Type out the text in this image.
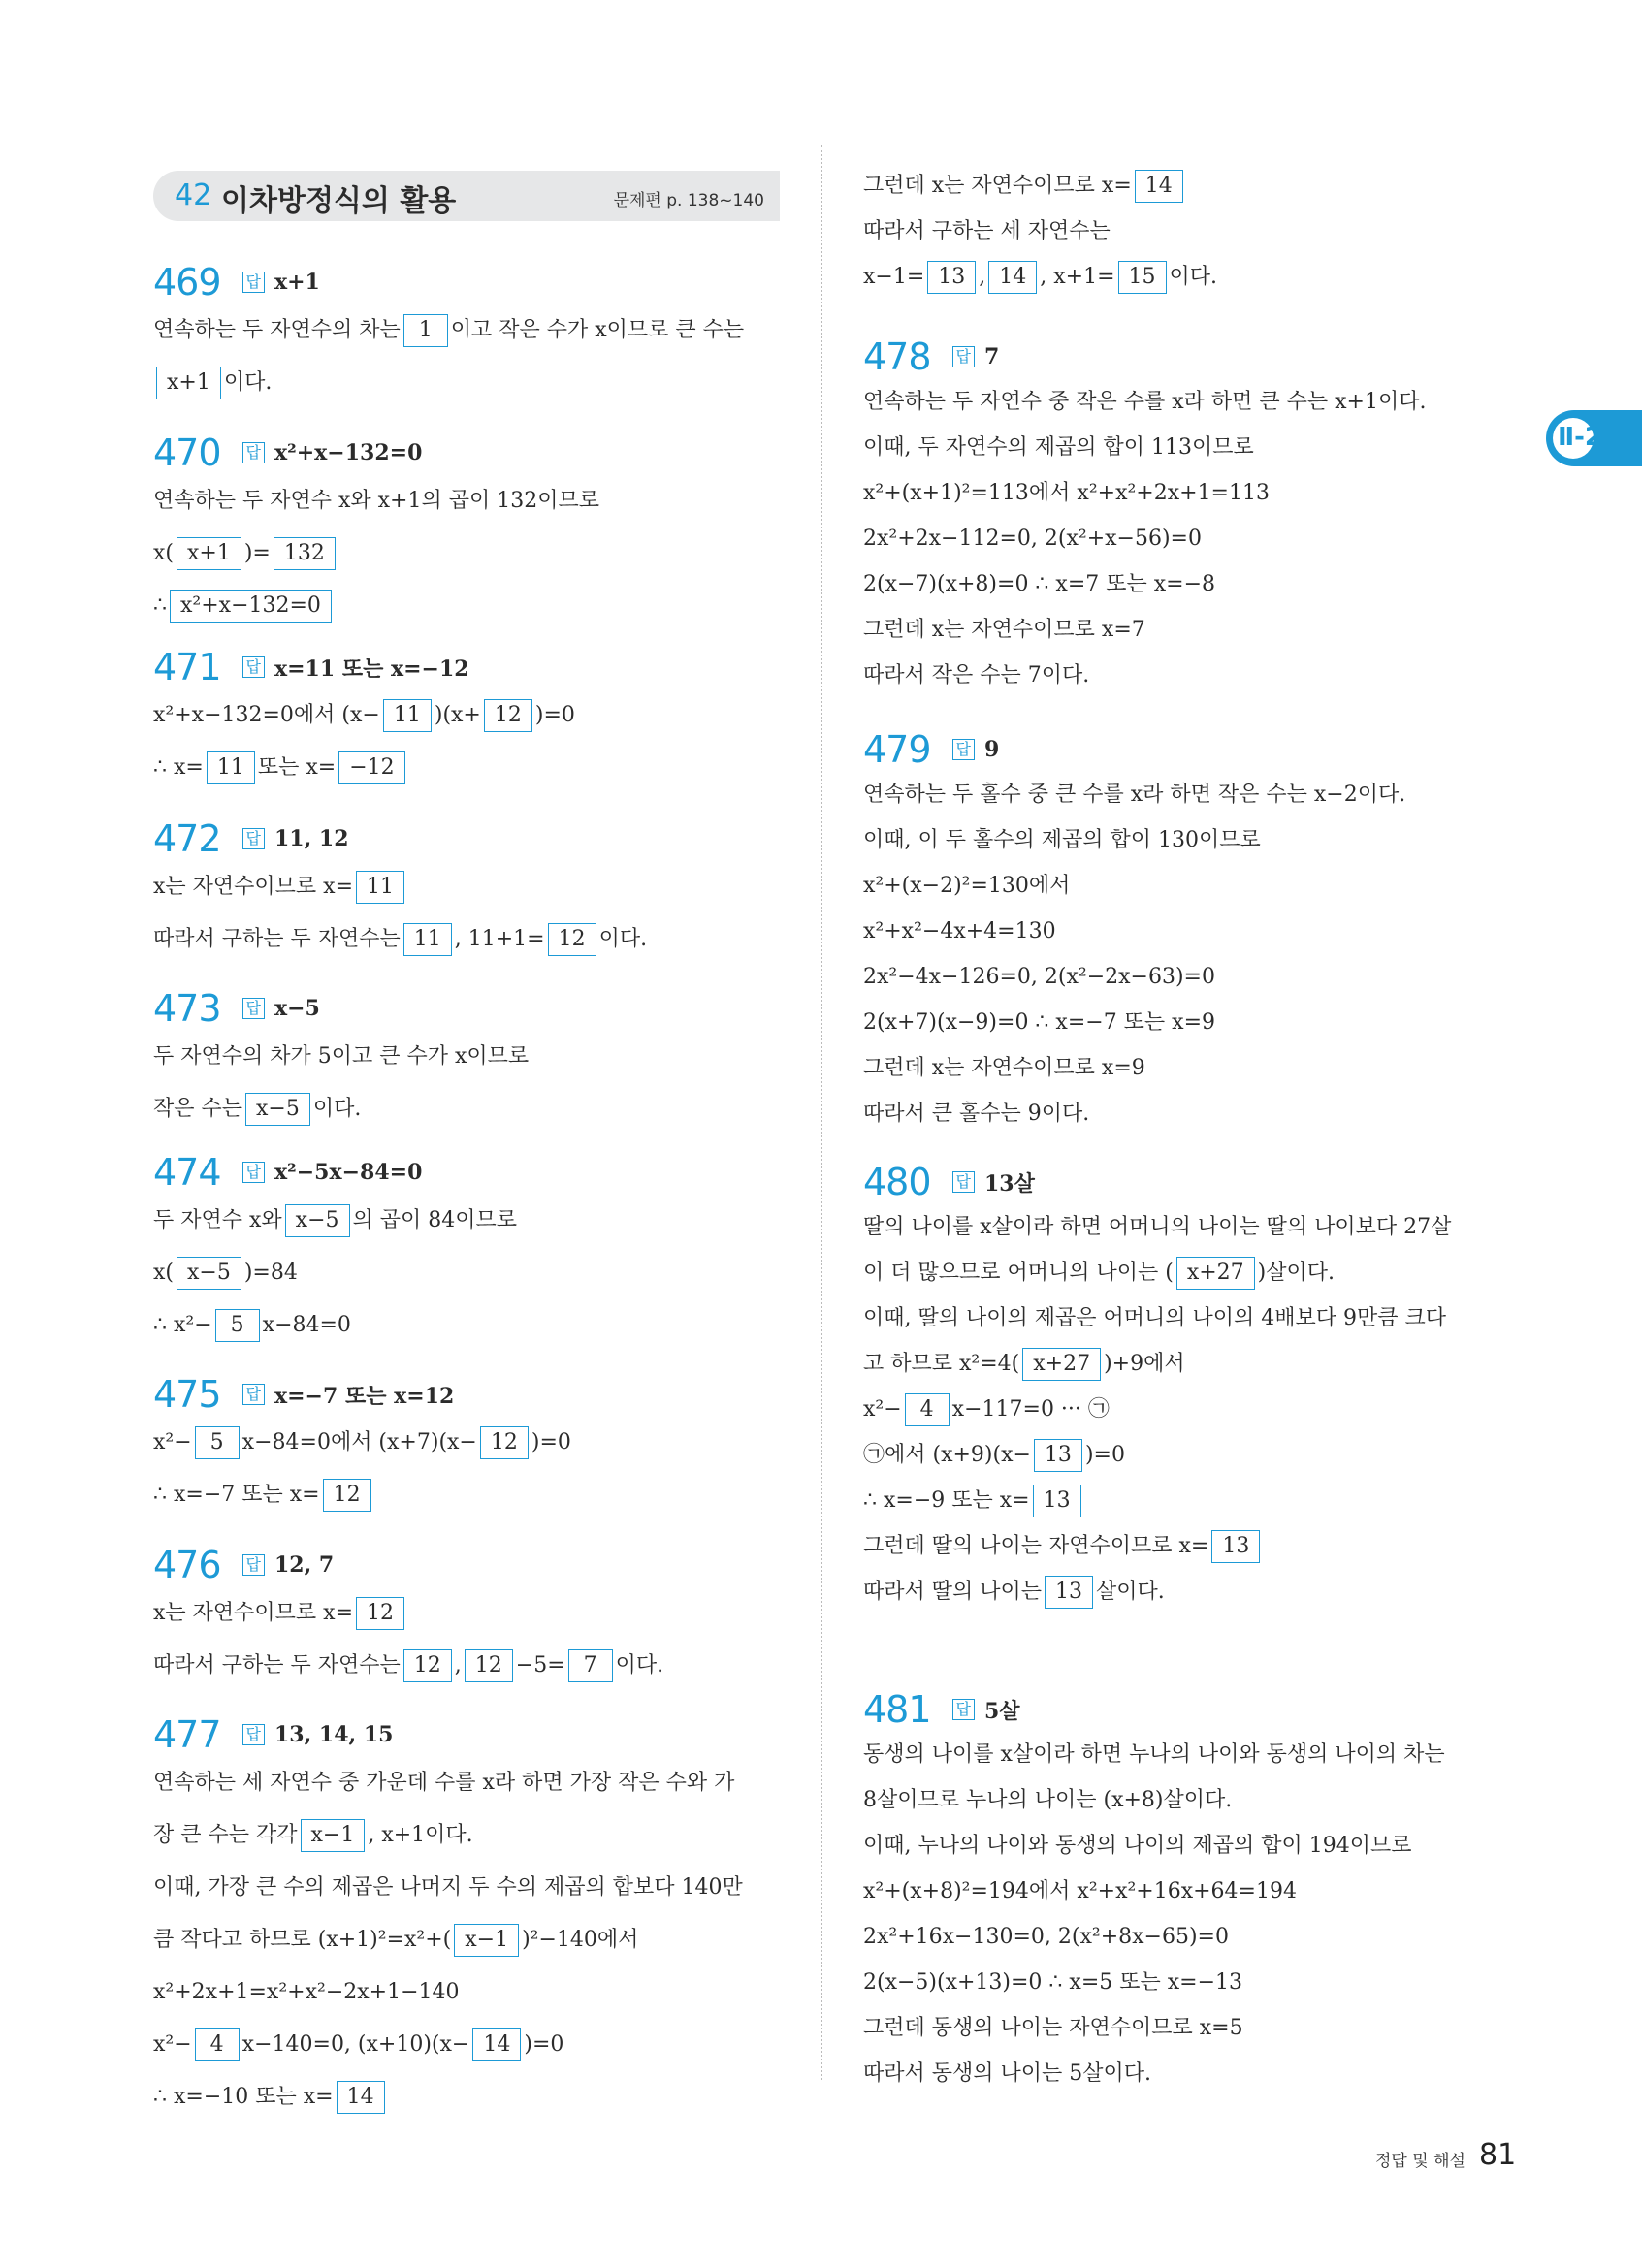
42 이차방정식의 활용	문제편 p. 138~140
469 답 x+1
연속하는 두 자연수의 차는 1 이고 작은 수가 x이므로 큰 수는
x+1 이다.
470 답 x²+x−132=0
연속하는 두 자연수 x와 x+1의 곱이 132이므로
x( x+1 )= 132
∴ x²+x−132=0
471 답 x=11 또는 x=−12
x²+x−132=0에서 (x− 11 )(x+ 12 )=0
∴ x= 11 또는 x= −12
472 답 11, 12
x는 자연수이므로 x= 11
따라서 구하는 두 자연수는 11 , 11+1= 12 이다.
473 답 x−5
두 자연수의 차가 5이고 큰 수가 x이므로
작은 수는 x−5 이다.
474 답 x²−5x−84=0
두 자연수 x와 x−5 의 곱이 84이므로
x( x−5 )=84
∴ x²− 5 x−84=0
475 답 x=−7 또는 x=12
x²− 5 x−84=0에서 (x+7)(x− 12 )=0
∴ x=−7 또는 x= 12
476 답 12, 7
x는 자연수이므로 x= 12
따라서 구하는 두 자연수는 12 , 12 −5= 7 이다.
477 답 13, 14, 15
연속하는 세 자연수 중 가운데 수를 x라 하면 가장 작은 수와 가
장 큰 수는 각각 x−1 , x+1이다.
이때, 가장 큰 수의 제곱은 나머지 두 수의 제곱의 합보다 140만
큼 작다고 하므로 (x+1)²=x²+( x−1 )²−140에서
x²+2x+1=x²+x²−2x+1−140
x²− 4 x−140=0, (x+10)(x− 14 )=0
∴ x=−10 또는 x= 14
그런데 x는 자연수이므로 x= 14
따라서 구하는 세 자연수는
x−1= 13 , 14 , x+1= 15 이다.
478 답 7
연속하는 두 자연수 중 작은 수를 x라 하면 큰 수는 x+1이다.
이때, 두 자연수의 제곱의 합이 113이므로
x²+(x+1)²=113에서 x²+x²+2x+1=113
2x²+2x−112=0, 2(x²+x−56)=0
2(x−7)(x+8)=0 ∴ x=7 또는 x=−8
그런데 x는 자연수이므로 x=7
따라서 작은 수는 7이다.
479 답 9
연속하는 두 홀수 중 큰 수를 x라 하면 작은 수는 x−2이다.
이때, 이 두 홀수의 제곱의 합이 130이므로
x²+(x−2)²=130에서
x²+x²−4x+4=130
2x²−4x−126=0, 2(x²−2x−63)=0
2(x+7)(x−9)=0 ∴ x=−7 또는 x=9
그런데 x는 자연수이므로 x=9
따라서 큰 홀수는 9이다.
480 답 13살
딸의 나이를 x살이라 하면 어머니의 나이는 딸의 나이보다 27살
이 더 많으므로 어머니의 나이는 ( x+27 )살이다.
이때, 딸의 나이의 제곱은 어머니의 나이의 4배보다 9만큼 크다
고 하므로 x²=4( x+27 )+9에서
x²− 4 x−117=0 ··· ㉠
㉠에서 (x+9)(x− 13 )=0
∴ x=−9 또는 x= 13
그런데 딸의 나이는 자연수이므로 x= 13
따라서 딸의 나이는 13 살이다.
481 답 5살
동생의 나이를 x살이라 하면 누나의 나이와 동생의 나이의 차는
8살이므로 누나의 나이는 (x+8)살이다.
이때, 누나의 나이와 동생의 나이의 제곱의 합이 194이므로
x²+(x+8)²=194에서 x²+x²+16x+64=194
2x²+16x−130=0, 2(x²+8x−65)=0
2(x−5)(x+13)=0 ∴ x=5 또는 x=−13
그런데 동생의 나이는 자연수이므로 x=5
따라서 동생의 나이는 5살이다.
Ⅱ-2
정답 및 해설 81
